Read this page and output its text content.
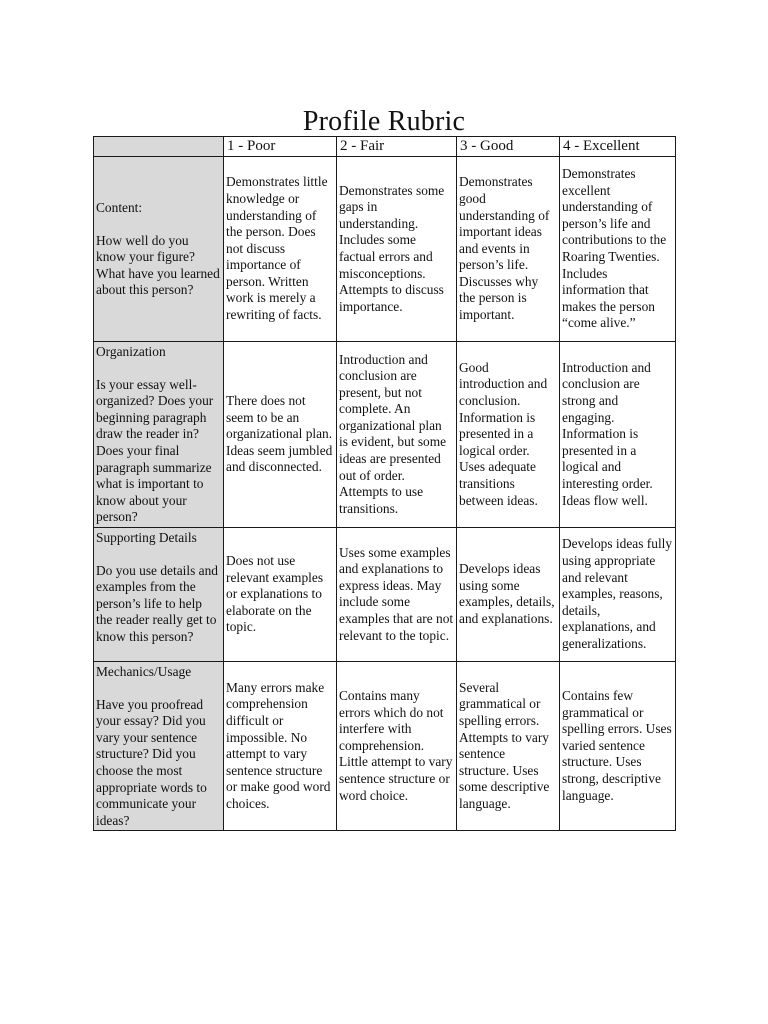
Profile Rubric
	1 - Poor	2 - Fair	3 - Good	4 - Excellent

Content:
How well do you know your figure? What have you learned about this person?	Demonstrates little knowledge or understanding of the person. Does not discuss importance of person. Written work is merely a rewriting of facts.	Demonstrates some gaps in understanding. Includes some factual errors and misconceptions. Attempts to discuss importance.	Demonstrates good understanding of important ideas and events in person’s life. Discusses why the person is important.	Demonstrates excellent understanding of person’s life and contributions to the Roaring Twenties. Includes information that makes the person “come alive.”

Organization
Is your essay well-organized? Does your beginning paragraph draw the reader in? Does your final paragraph summarize what is important to know about your person?	There does not seem to be an organizational plan. Ideas seem jumbled and disconnected.	Introduction and conclusion are present, but not complete. An organizational plan is evident, but some ideas are presented out of order. Attempts to use transitions.	Good introduction and conclusion. Information is presented in a logical order. Uses adequate transitions between ideas.	Introduction and conclusion are strong and engaging. Information is presented in a logical and interesting order. Ideas flow well.

Supporting Details
Do you use details and examples from the person’s life to help the reader really get to know this person?	Does not use relevant examples or explanations to elaborate on the topic.	Uses some examples and explanations to express ideas. May include some examples that are not relevant to the topic.	Develops ideas using some examples, details, and explanations.	Develops ideas fully using appropriate and relevant examples, reasons, details, explanations, and generalizations.

Mechanics/Usage
Have you proofread your essay? Did you vary your sentence structure? Did you choose the most appropriate words to communicate your ideas?	Many errors make comprehension difficult or impossible. No attempt to vary sentence structure or make good word choices.	Contains many errors which do not interfere with comprehension. Little attempt to vary sentence structure or word choice.	Several grammatical or spelling errors. Attempts to vary sentence structure. Uses some descriptive language.	Contains few grammatical or spelling errors. Uses varied sentence structure. Uses strong, descriptive language.
